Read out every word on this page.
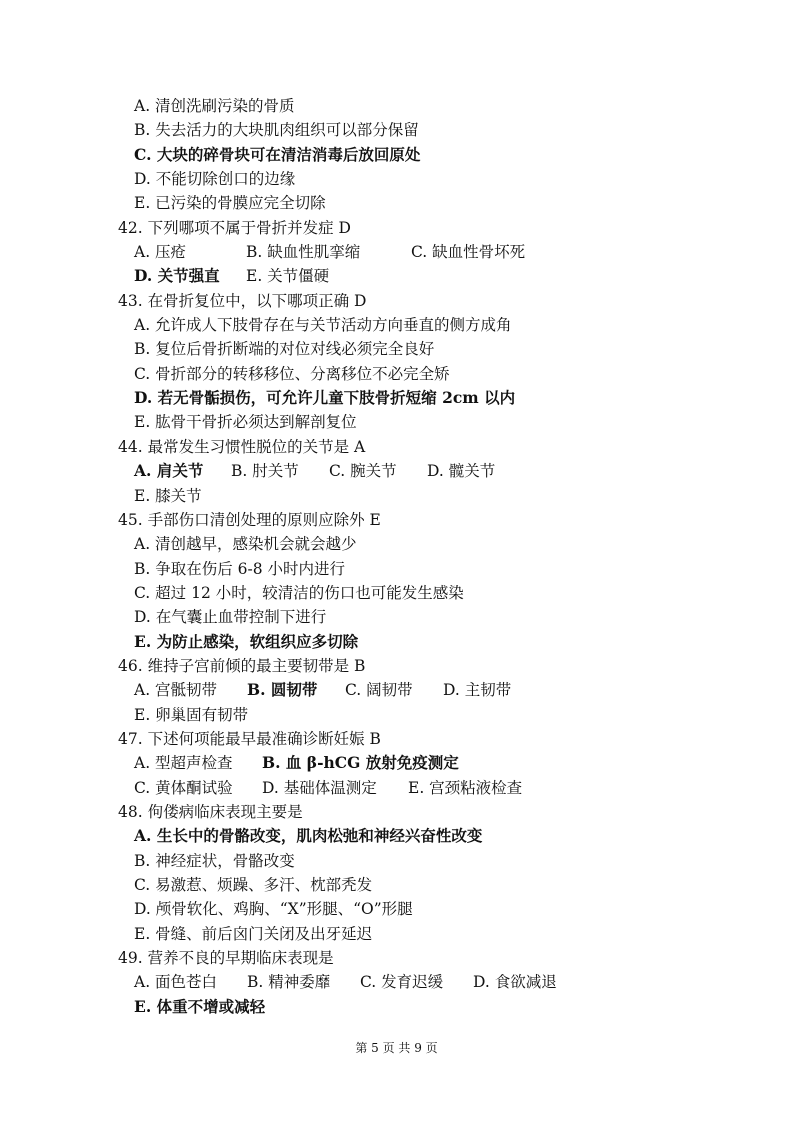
A. 清创洗刷污染的骨质
B. 失去活力的大块肌肉组织可以部分保留
C. 大块的碎骨块可在清洁消毒后放回原处
D. 不能切除创口的边缘
E. 已污染的骨膜应完全切除
42. 下列哪项不属于骨折并发症 D
A. 压疮	B. 缺血性肌挛缩	C. 缺血性骨坏死
D. 关节强直 E. 关节僵硬
43. 在骨折复位中，以下哪项正确 D
A. 允许成人下肢骨存在与关节活动方向垂直的侧方成角
B. 复位后骨折断端的对位对线必须完全良好
C. 骨折部分的转移移位、分离移位不必完全矫
D. 若无骨骺损伤，可允许儿童下肢骨折短缩 2cm 以内
E. 肱骨干骨折必须达到解剖复位
44. 最常发生习惯性脱位的关节是 A
A. 肩关节 B. 肘关节 C. 腕关节 D. 髋关节
E. 膝关节
45. 手部伤口清创处理的原则应除外 E
A. 清创越早，感染机会就会越少
B. 争取在伤后 6-8 小时内进行
C. 超过 12 小时，较清洁的伤口也可能发生感染
D. 在气囊止血带控制下进行
E. 为防止感染，软组织应多切除
46. 维持子宫前倾的最主要韧带是 B
A. 宫骶韧带 B. 圆韧带 C. 阔韧带 D. 主韧带
E. 卵巢固有韧带
47. 下述何项能最早最准确诊断妊娠 B
A. 型超声检查 B. 血 β-hCG 放射免疫测定
C. 黄体酮试验 D. 基础体温测定 E. 宫颈粘液检查
48. 佝偻病临床表现主要是
A. 生长中的骨骼改变，肌肉松弛和神经兴奋性改变
B. 神经症状，骨骼改变
C. 易激惹、烦躁、多汗、枕部秃发
D. 颅骨软化、鸡胸、“X”形腿、“O”形腿
E. 骨缝、前后囟门关闭及出牙延迟
49. 营养不良的早期临床表现是
A. 面色苍白 B. 精神委靡 C. 发育迟缓 D. 食欲减退
E. 体重不增或减轻
第 5 页 共 9 页
